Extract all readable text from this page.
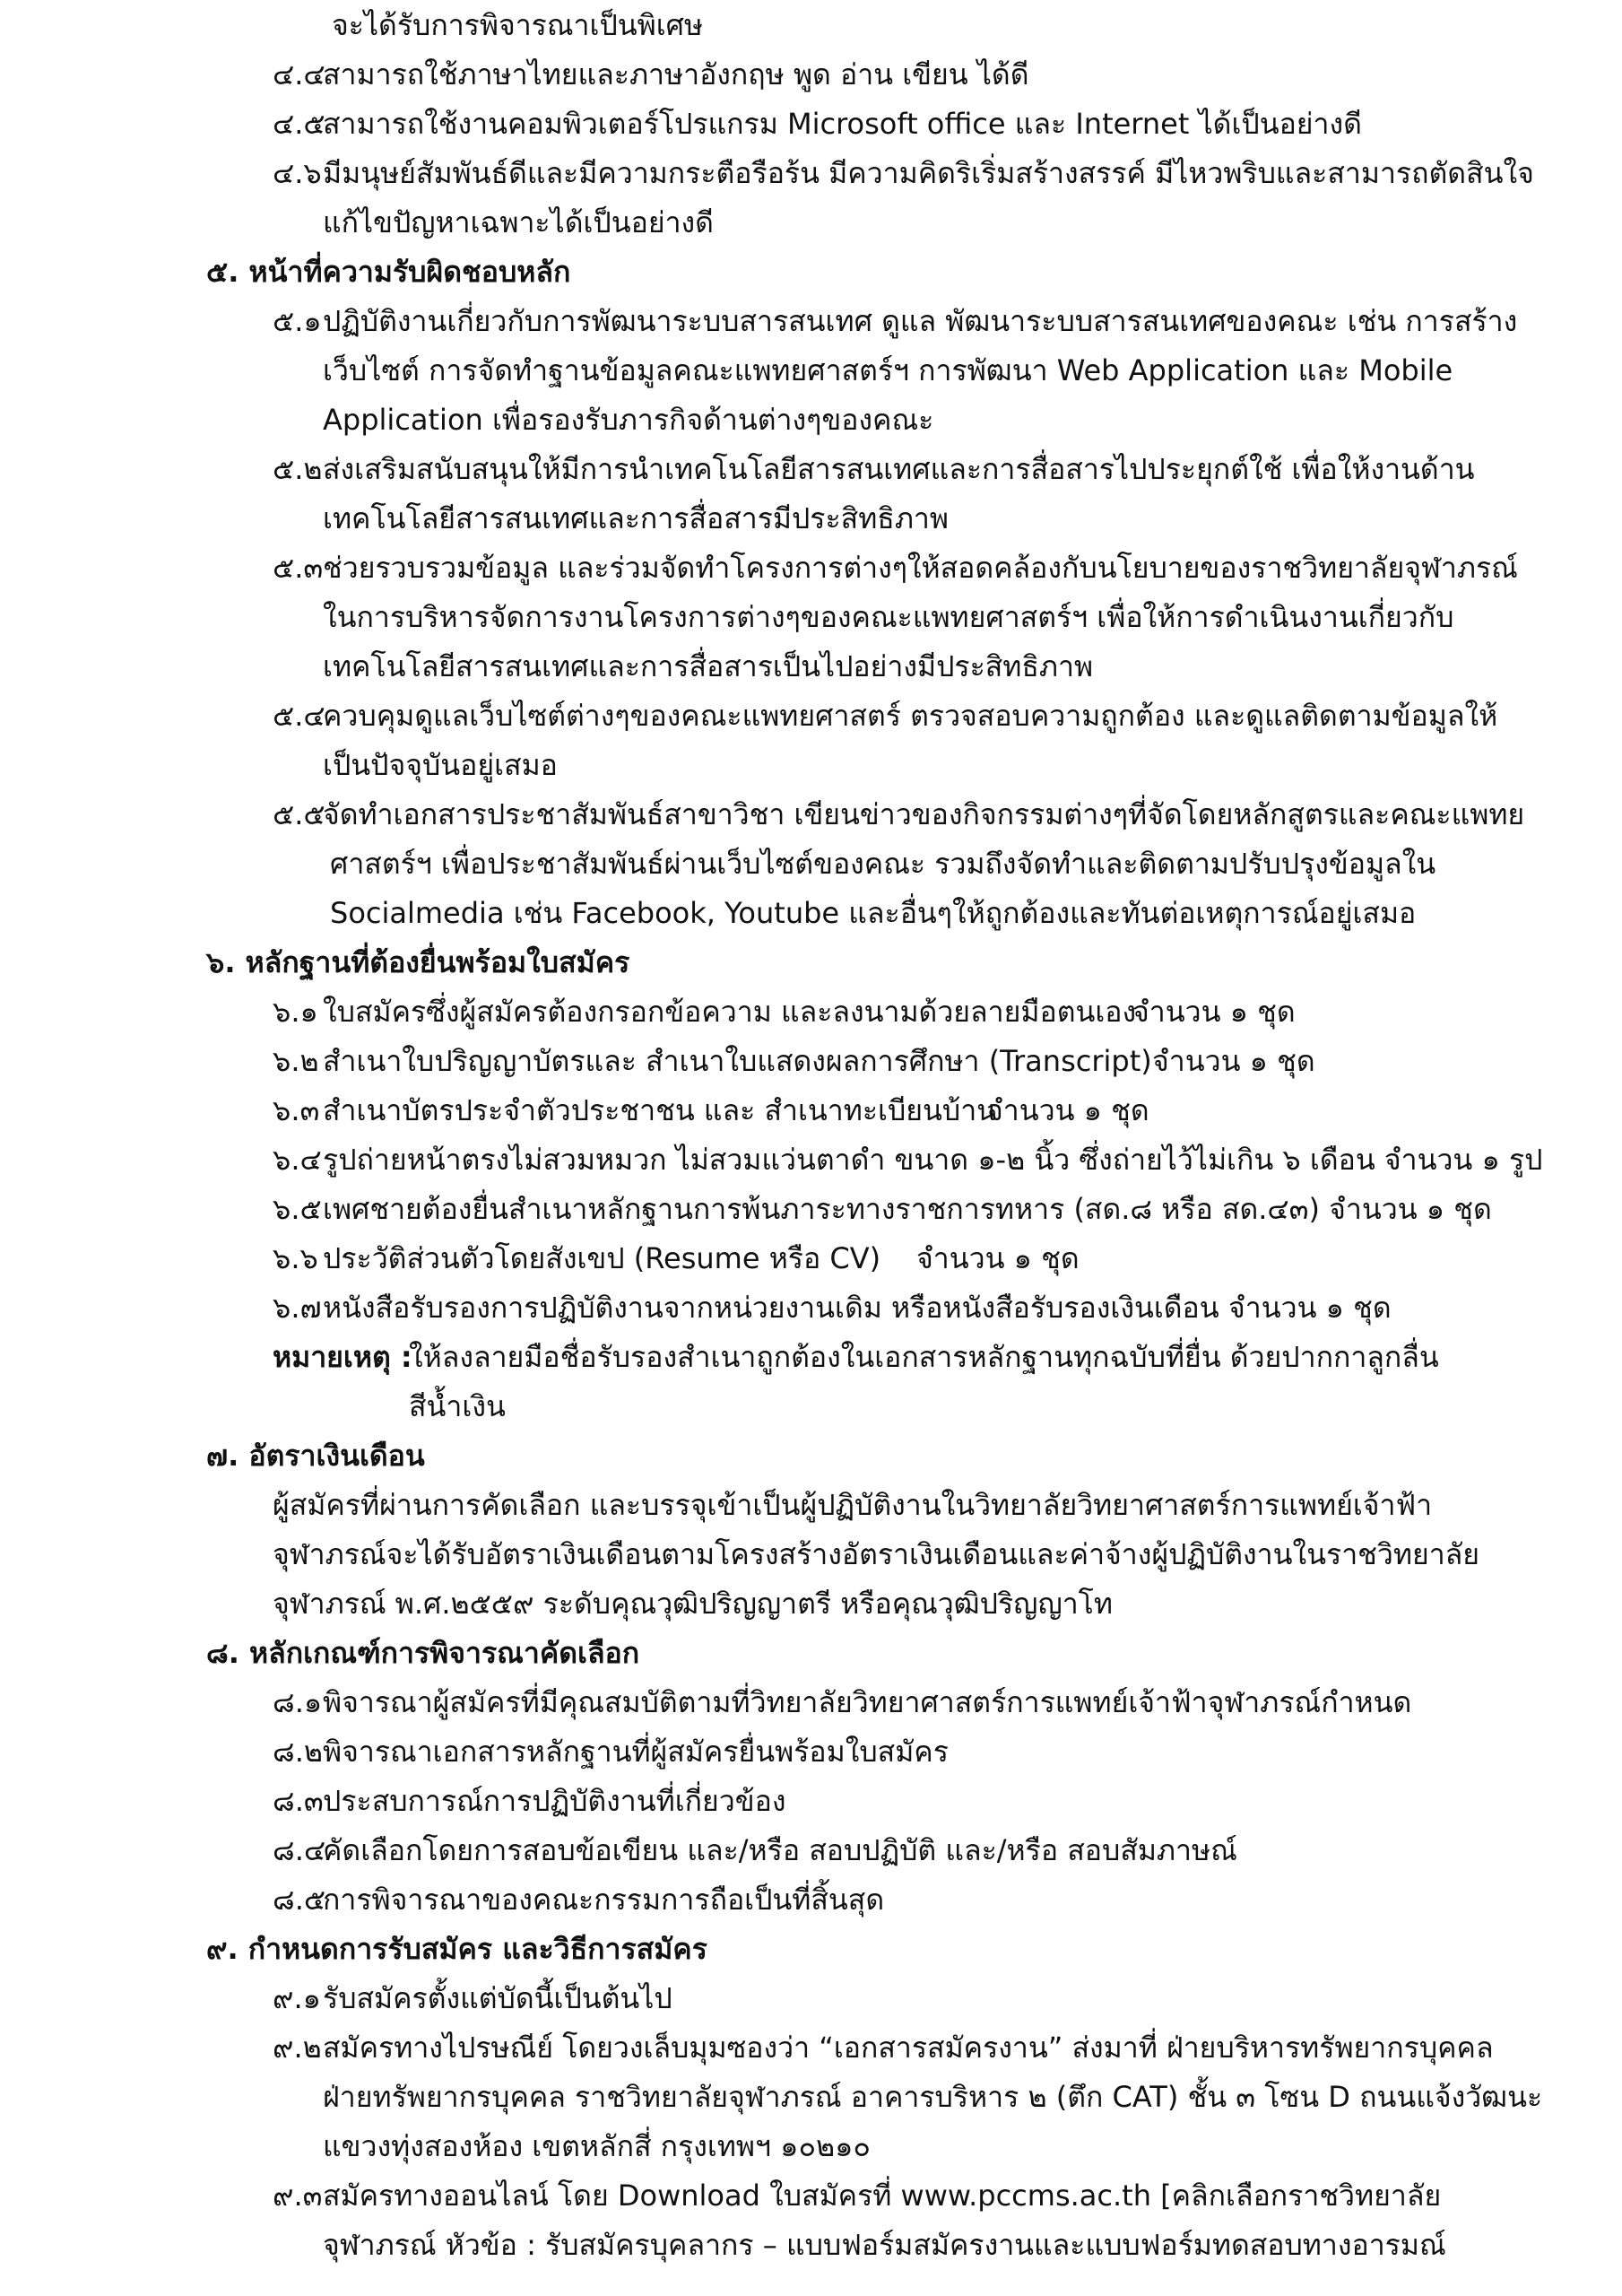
จะได้รับการพิจารณาเป็นพิเศษ
๔.๔
สามารถใช้ภาษาไทยและภาษาอังกฤษ พูด อ่าน เขียน ได้ดี
๔.๕
สามารถใช้งานคอมพิวเตอร์โปรแกรม Microsoft office และ Internet ได้เป็นอย่างดี
๔.๖ มีมนุษย์สัมพันธ์ดีและมีความกระตือรือร้น มีความคิดริเริ่มสร้างสรรค์ มีไหวพริบและสามารถตัดสินใจ
แก้ไขปัญหาเฉพาะได้เป็นอย่างดี
๕. หน้าที่ความรับผิดชอบหลัก
๕.๑ ปฏิบัติงานเกี่ยวกับการพัฒนาระบบสารสนเทศ ดูแล พัฒนาระบบสารสนเทศของคณะ เช่น การสร้าง
เว็บไซต์ การจัดทำฐานข้อมูลคณะแพทยศาสตร์ฯ การพัฒนา Web Application และ Mobile
Application เพื่อรองรับภารกิจด้านต่างๆของคณะ
๕.๒ ส่งเสริมสนับสนุนให้มีการนำเทคโนโลยีสารสนเทศและการสื่อสารไปประยุกต์ใช้ เพื่อให้งานด้าน
เทคโนโลยีสารสนเทศและการสื่อสารมีประสิทธิภาพ
๕.๓ ช่วยรวบรวมข้อมูล และร่วมจัดทำโครงการต่างๆให้สอดคล้องกับนโยบายของราชวิทยาลัยจุฬาภรณ์
ในการบริหารจัดการงานโครงการต่างๆของคณะแพทยศาสตร์ฯ เพื่อให้การดำเนินงานเกี่ยวกับ
เทคโนโลยีสารสนเทศและการสื่อสารเป็นไปอย่างมีประสิทธิภาพ
๕.๔
ควบคุมดูแลเว็บไซต์ต่างๆของคณะแพทยศาสตร์ ตรวจสอบความถูกต้อง และดูแลติดตามข้อมูลให้
เป็นปัจจุบันอยู่เสมอ
๕.๕
จัดทำเอกสารประชาสัมพันธ์สาขาวิชา เขียนข่าวของกิจกรรมต่างๆที่จัดโดยหลักสูตรและคณะแพทย
ศาสตร์ฯ เพื่อประชาสัมพันธ์ผ่านเว็บไซต์ของคณะ รวมถึงจัดทำและติดตามปรับปรุงข้อมูลใน
Socialmedia เช่น Facebook, Youtube และอื่นๆให้ถูกต้องและทันต่อเหตุการณ์อยู่เสมอ
๖. หลักฐานที่ต้องยื่นพร้อมใบสมัคร
๖.๑ ใบสมัครซึ่งผู้สมัครต้องกรอกข้อความ และลงนามด้วยลายมือตนเอง
จำนวน ๑ ชุด
๖.๒ สำเนาใบปริญญาบัตรและ สำเนาใบแสดงผลการศึกษา (Transcript) จำนวน ๑ ชุด
๖.๓ สำเนาบัตรประจำตัวประชาชน และ สำเนาทะเบียนบ้าน
จำนวน ๑ ชุด
๖.๔ รูปถ่ายหน้าตรงไม่สวมหมวก ไม่สวมแว่นตาดำ ขนาด ๑-๒ นิ้ว ซึ่งถ่ายไว้ไม่เกิน ๖ เดือน จำนวน ๑ รูป
๖.๕ เพศชายต้องยื่นสำเนาหลักฐานการพ้นภาระทางราชการทหาร (สด.๘ หรือ สด.๔๓) จำนวน ๑ ชุด
๖.๖ ประวัติส่วนตัวโดยสังเขป (Resume หรือ CV) จำนวน ๑ ชุด
๖.๗ หนังสือรับรองการปฏิบัติงานจากหน่วยงานเดิม หรือหนังสือรับรองเงินเดือน จำนวน ๑ ชุด
หมายเหตุ :
ให้ลงลายมือชื่อรับรองสำเนาถูกต้องในเอกสารหลักฐานทุกฉบับที่ยื่น ด้วยปากกาลูกลื่น
สีน้ำเงิน
๗. อัตราเงินเดือน
ผู้สมัครที่ผ่านการคัดเลือก และบรรจุเข้าเป็นผู้ปฏิบัติงานในวิทยาลัยวิทยาศาสตร์การแพทย์เจ้าฟ้า
จุฬาภรณ์จะได้รับอัตราเงินเดือนตามโครงสร้างอัตราเงินเดือนและค่าจ้างผู้ปฏิบัติงานในราชวิทยาลัย
จุฬาภรณ์ พ.ศ.๒๕๕๙ ระดับคุณวุฒิปริญญาตรี หรือคุณวุฒิปริญญาโท
๘. หลักเกณฑ์การพิจารณาคัดเลือก
๘.๑ พิจารณาผู้สมัครที่มีคุณสมบัติตามที่วิทยาลัยวิทยาศาสตร์การแพทย์เจ้าฟ้าจุฬาภรณ์กำหนด
๘.๒ พิจารณาเอกสารหลักฐานที่ผู้สมัครยื่นพร้อมใบสมัคร
๘.๓ ประสบการณ์การปฏิบัติงานที่เกี่ยวข้อง
๘.๔
คัดเลือกโดยการสอบข้อเขียน และ/หรือ สอบปฏิบัติ และ/หรือ สอบสัมภาษณ์
๘.๕
การพิจารณาของคณะกรรมการถือเป็นที่สิ้นสุด
๙. กำหนดการรับสมัคร และวิธีการสมัคร
๙.๑ รับสมัครตั้งแต่บัดนี้เป็นต้นไป
๙.๒ สมัครทางไปรษณีย์ โดยวงเล็บมุมซองว่า “เอกสารสมัครงาน” ส่งมาที่ ฝ่ายบริหารทรัพยากรบุคคล
ฝ่ายทรัพยากรบุคคล ราชวิทยาลัยจุฬาภรณ์ อาคารบริหาร ๒ (ตึก CAT) ชั้น ๓ โซน D ถนนแจ้งวัฒนะ
แขวงทุ่งสองห้อง เขตหลักสี่ กรุงเทพฯ ๑๐๒๑๐
๙.๓ สมัครทางออนไลน์ โดย Download ใบสมัครที่ www.pccms.ac.th [คลิกเลือกราชวิทยาลัย
จุฬาภรณ์ หัวข้อ : รับสมัครบุคลากร – แบบฟอร์มสมัครงานและแบบฟอร์มทดสอบทางอารมณ์
